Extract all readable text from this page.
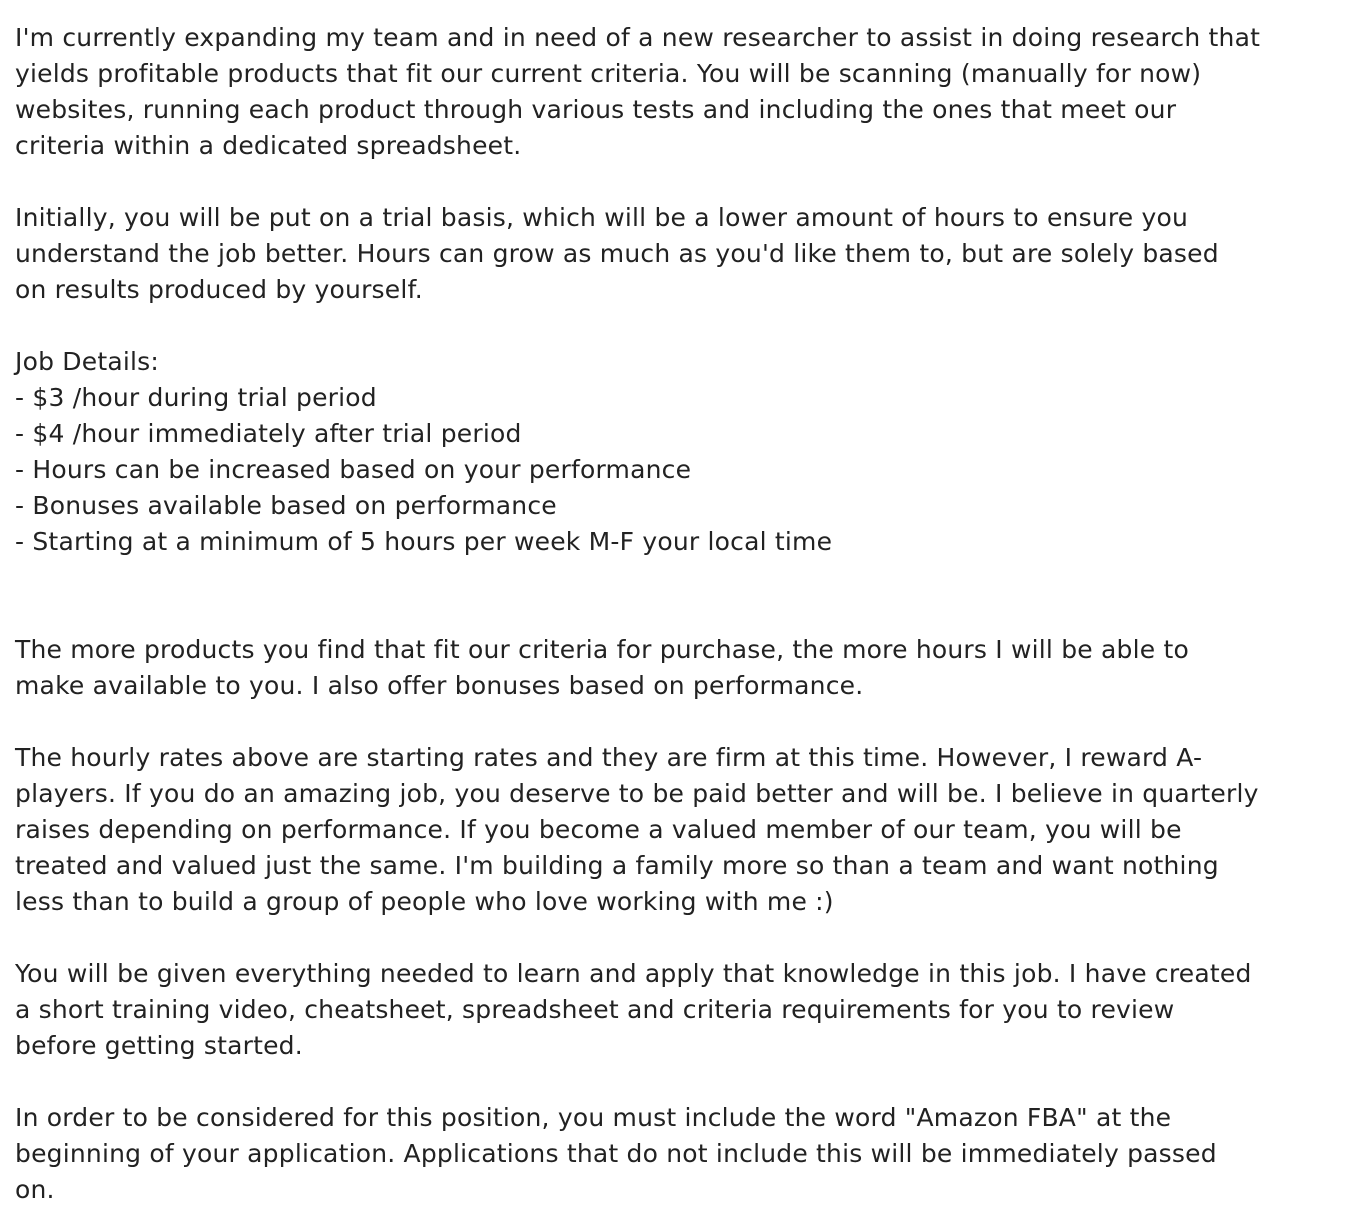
I'm currently expanding my team and in need of a new researcher to assist in doing research that
yields profitable products that fit our current criteria. You will be scanning (manually for now)
websites, running each product through various tests and including the ones that meet our
criteria within a dedicated spreadsheet.
Initially, you will be put on a trial basis, which will be a lower amount of hours to ensure you
understand the job better. Hours can grow as much as you'd like them to, but are solely based
on results produced by yourself.
Job Details:
- $3 /hour during trial period
- $4 /hour immediately after trial period
- Hours can be increased based on your performance
- Bonuses available based on performance
- Starting at a minimum of 5 hours per week M-F your local time
The more products you find that fit our criteria for purchase, the more hours I will be able to
make available to you. I also offer bonuses based on performance.
The hourly rates above are starting rates and they are firm at this time. However, I reward A-
players. If you do an amazing job, you deserve to be paid better and will be. I believe in quarterly
raises depending on performance. If you become a valued member of our team, you will be
treated and valued just the same. I'm building a family more so than a team and want nothing
less than to build a group of people who love working with me :)
You will be given everything needed to learn and apply that knowledge in this job. I have created
a short training video, cheatsheet, spreadsheet and criteria requirements for you to review
before getting started.
In order to be considered for this position, you must include the word "Amazon FBA" at the
beginning of your application. Applications that do not include this will be immediately passed
on.
